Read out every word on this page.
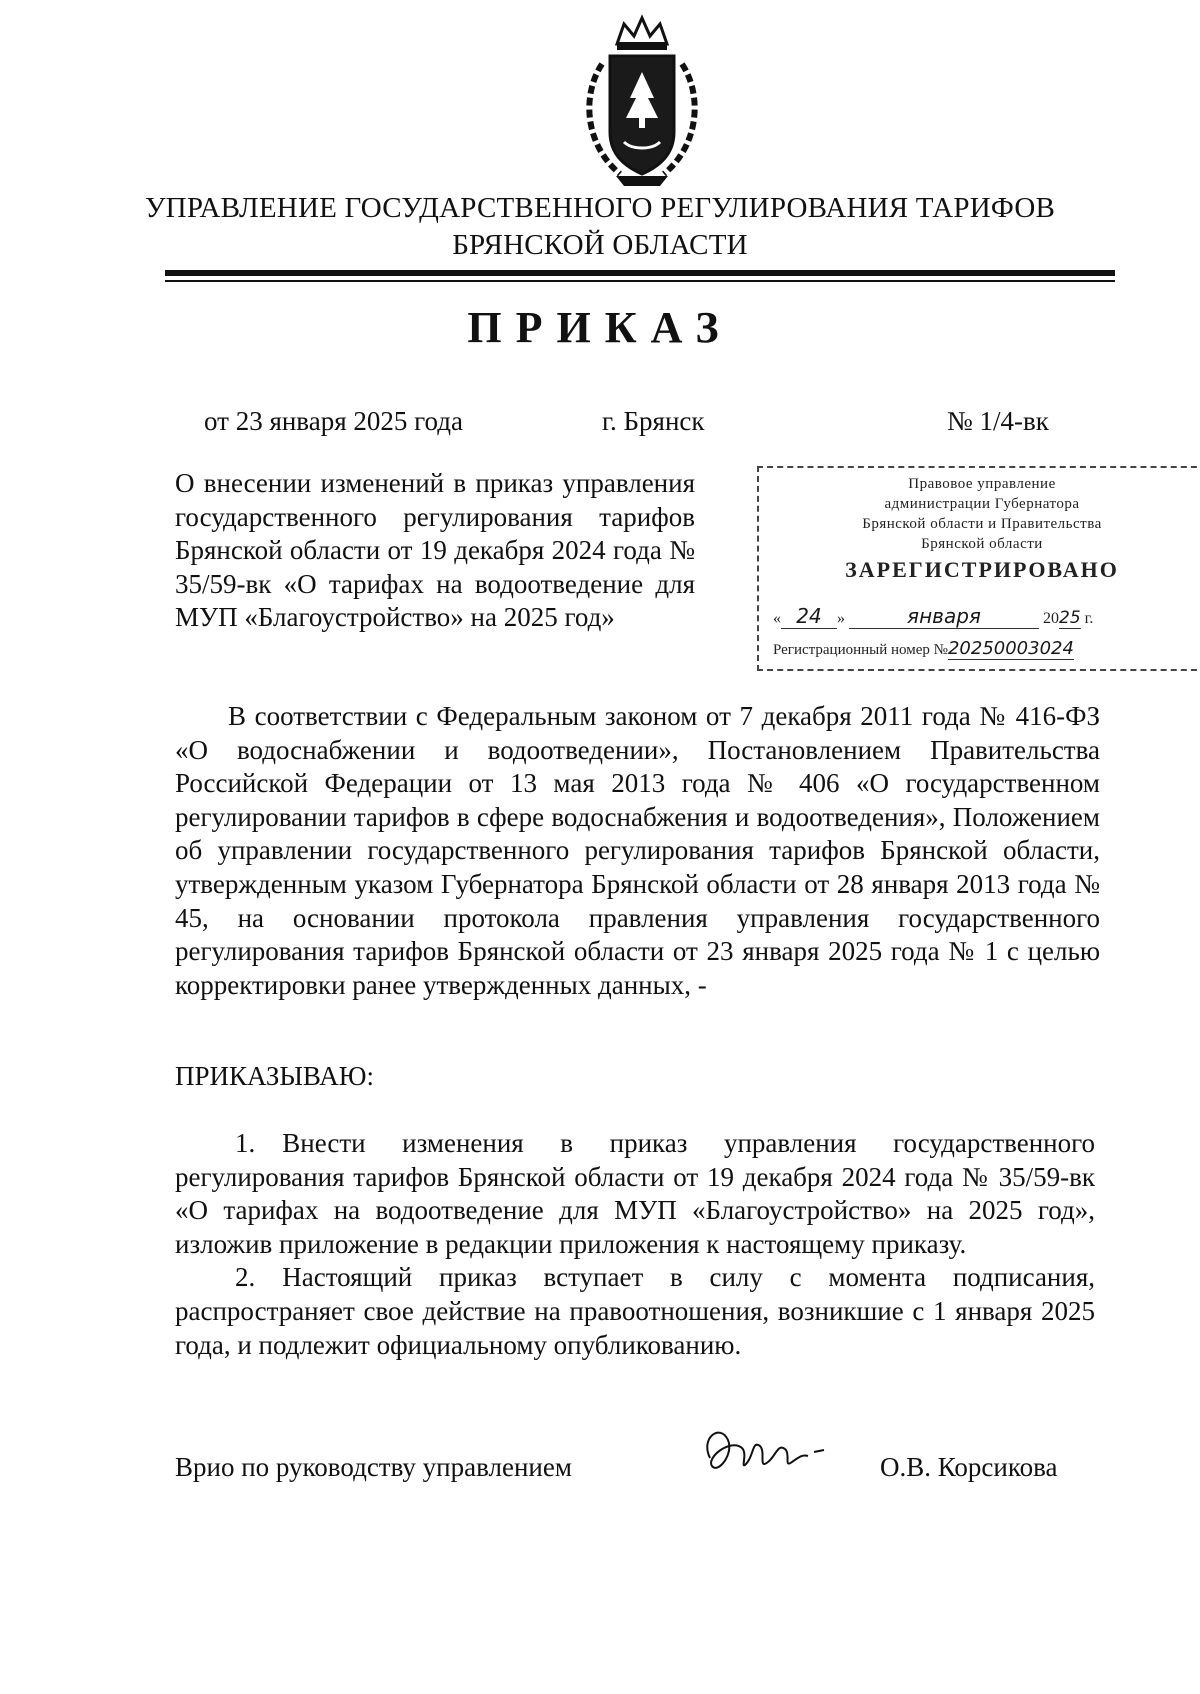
УПРАВЛЕНИЕ ГОСУДАРСТВЕННОГО РЕГУЛИРОВАНИЯ ТАРИФОВ
БРЯНСКОЙ ОБЛАСТИ
ПРИКАЗ
от 23 января 2025 года	г. Брянск	№ 1/4-вк
О внесении изменений в приказ управления государственного регулирования тарифов Брянской области от 19 декабря 2024 года № 35/59-вк «О тарифах на водоотведение для
МУП «Благоустройство» на 2025 год»
Правовое управление
администрации Губернатора
Брянской области и Правительства
Брянской области
ЗАРЕГИСТРИРОВАНО
« 24 »	января	2025 г.
Регистрационный номер №20250003024

В соответствии с Федеральным законом от 7 декабря 2011 года № 416-ФЗ «О водоснабжении и водоотведении», Постановлением Правительства Российской Федерации от 13 мая 2013 года № 406 «О государственном регулировании тарифов в сфере водоснабжения и водоотведения», Положением об управлении государственного регулирования тарифов Брянской области, утвержденным указом Губернатора Брянской области от 28 января 2013 года № 45, на основании протокола правления управления государственного регулирования тарифов Брянской области от 23 января 2025 года № 1 с целью корректировки ранее утвержденных данных, -

ПРИКАЗЫВАЮ:

1. Внести изменения в приказ управления государственного регулирования тарифов Брянской области от 19 декабря 2024 года № 35/59-вк «О тарифах на водоотведение для МУП «Благоустройство» на 2025 год», изложив приложение в редакции приложения к настоящему приказу.

2. Настоящий приказ вступает в силу с момента подписания, распространяет свое действие на правоотношения, возникшие с 1 января 2025 года, и подлежит официальному опубликованию.

Врио по руководству управлением	О.В. Корсикова
